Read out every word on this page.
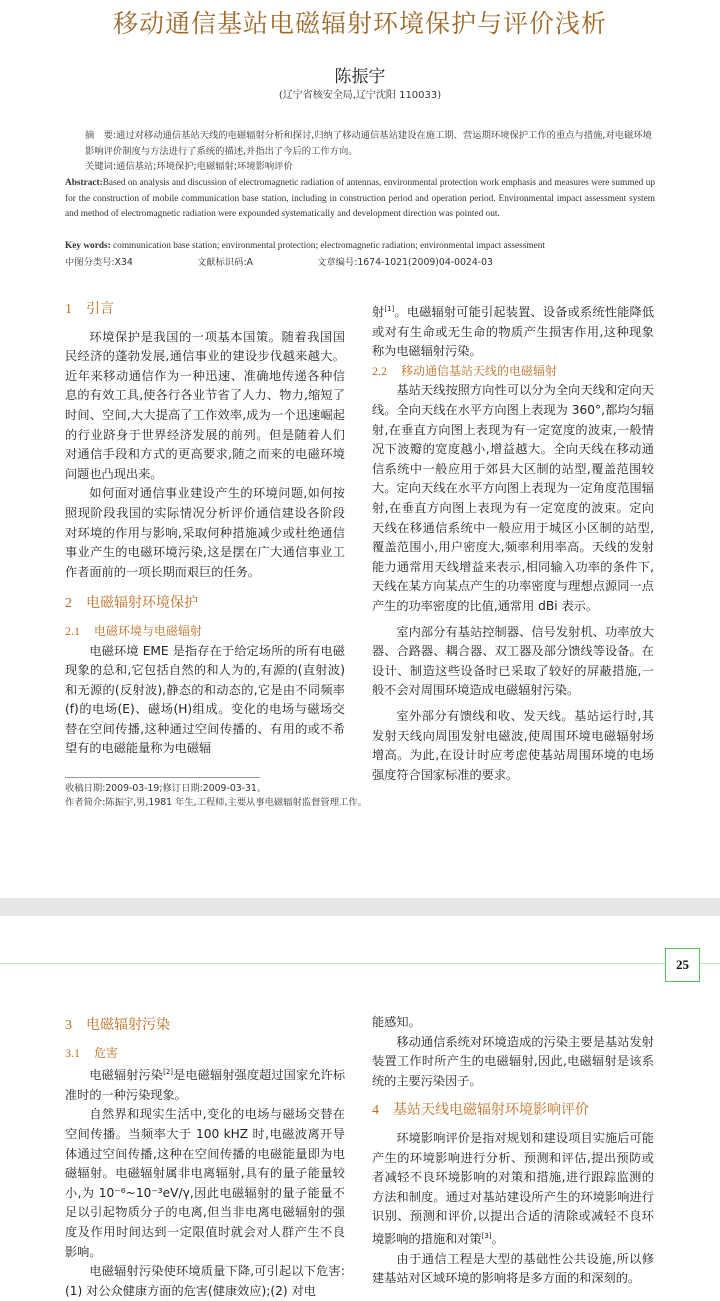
移动通信基站电磁辐射环境保护与评价浅析
陈振宇
(辽宁省核安全局,辽宁沈阳 110033)
摘　要:通过对移动通信基站天线的电磁辐射分析和探讨,归纳了移动通信基站建设在施工期、营运期环境保护工作的重点与措施,对电磁环境影响评价制度与方法进行了系统的描述,并指出了今后的工作方向。
关键词:通信基站;环境保护;电磁辐射;环境影响评价
Abstract:Based on analysis and discussion of electromagnetic radiation of antennas, environmental protection work emphasis and measures were summed up for the construction of mobile communication base station, including in construction period and operation period. Environmental impact assessment system and method of electromagnetic radiation were expounded systematically and development direction was pointed out.
Key words: communication base station; environmental protection; electromagnetic radiation; environmental impact assessment
中图分类号:X34	文献标识码:A	文章编号:1674-1021(2009)04-0024-03
1 引言

环境保护是我国的一项基本国策。随着我国国民经济的蓬勃发展,通信事业的建设步伐越来越大。近年来移动通信作为一种迅速、准确地传递各种信息的有效工具,使各行各业节省了人力、物力,缩短了时间、空间,大大提高了工作效率,成为一个迅速崛起的行业跻身于世界经济发展的前列。但是随着人们对通信手段和方式的更高要求,随之而来的电磁环境问题也凸现出来。

如何面对通信事业建设产生的环境问题,如何按照现阶段我国的实际情况分析评价通信建设各阶段对环境的作用与影响,采取何种措施减少或杜绝通信事业产生的电磁环境污染,这是摆在广大通信事业工作者面前的一项长期而艰巨的任务。

2 电磁辐射环境保护
2.1 电磁环境与电磁辐射

电磁环境 EME 是指存在于给定场所的所有电磁现象的总和,它包括自然的和人为的,有源的(直射波)和无源的(反射波),静态的和动态的,它是由不同频率(f)的电场(E)、磁场(H)组成。变化的电场与磁场交替在空间传播,这种通过空间传播的、有用的或不希望有的电磁能量称为电磁辐

射[1]。电磁辐射可能引起装置、设备或系统性能降低或对有生命或无生命的物质产生损害作用,这种现象称为电磁辐射污染。

2.2 移动通信基站天线的电磁辐射

基站天线按照方向性可以分为全向天线和定向天线。全向天线在水平方向图上表现为 360°,都均匀辐射,在垂直方向图上表现为有一定宽度的波束,一般情况下波瓣的宽度越小,增益越大。全向天线在移动通信系统中一般应用于郊县大区制的站型,覆盖范围较大。定向天线在水平方向图上表现为一定角度范围辐射,在垂直方向图上表现为有一定宽度的波束。定向天线在移通信系统中一般应用于城区小区制的站型,覆盖范围小,用户密度大,频率利用率高。天线的发射能力通常用天线增益来表示,相同输入功率的条件下,天线在某方向某点产生的功率密度与理想点源同一点产生的功率密度的比值,通常用 dBi 表示。

室内部分有基站控制器、信号发射机、功率放大器、合路器、耦合器、双工器及部分馈线等设备。在设计、制造这些设备时已采取了较好的屏蔽措施,一般不会对周围环境造成电磁辐射污染。

室外部分有馈线和收、发天线。基站运行时,其发射天线向周围发射电磁波,使周围环境电磁辐射场增高。为此,在设计时应考虑使基站周围环境的电场强度符合国家标准的要求。

收稿日期:2009-03-19;修订日期:2009-03-31。
作者简介:陈振宇,男,1981 年生,工程师,主要从事电磁辐射监督管理工作。
25
3 电磁辐射污染
3.1 危害

电磁辐射污染[2]是电磁辐射强度超过国家允许标准时的一种污染现象。

自然界和现实生活中,变化的电场与磁场交替在空间传播。当频率大于 100 kHZ 时,电磁波离开导体通过空间传播,这种在空间传播的电磁能量即为电磁辐射。电磁辐射属非电离辐射,具有的量子能量较小,为 10⁻⁶~10⁻³eV/γ,因此电磁辐射的量子能量不足以引起物质分子的电离,但当非电离电磁辐射的强度及作用时间达到一定限值时就会对人群产生不良影响。

电磁辐射污染使环境质量下降,可引起以下危害:(1) 对公众健康方面的危害(健康效应);(2) 对电

能感知。

移动通信系统对环境造成的污染主要是基站发射装置工作时所产生的电磁辐射,因此,电磁辐射是该系统的主要污染因子。

4 基站天线电磁辐射环境影响评价

环境影响评价是指对规划和建设项目实施后可能产生的环境影响进行分析、预测和评估,提出预防或者减轻不良环境影响的对策和措施,进行跟踪监测的方法和制度。通过对基站建设所产生的环境影响进行识别、预测和评价,以提出合适的清除或减轻不良环境影响的措施和对策[3]。

由于通信工程是大型的基础性公共设施,所以修建基站对区域环境的影响将是多方面的和深刻的。
